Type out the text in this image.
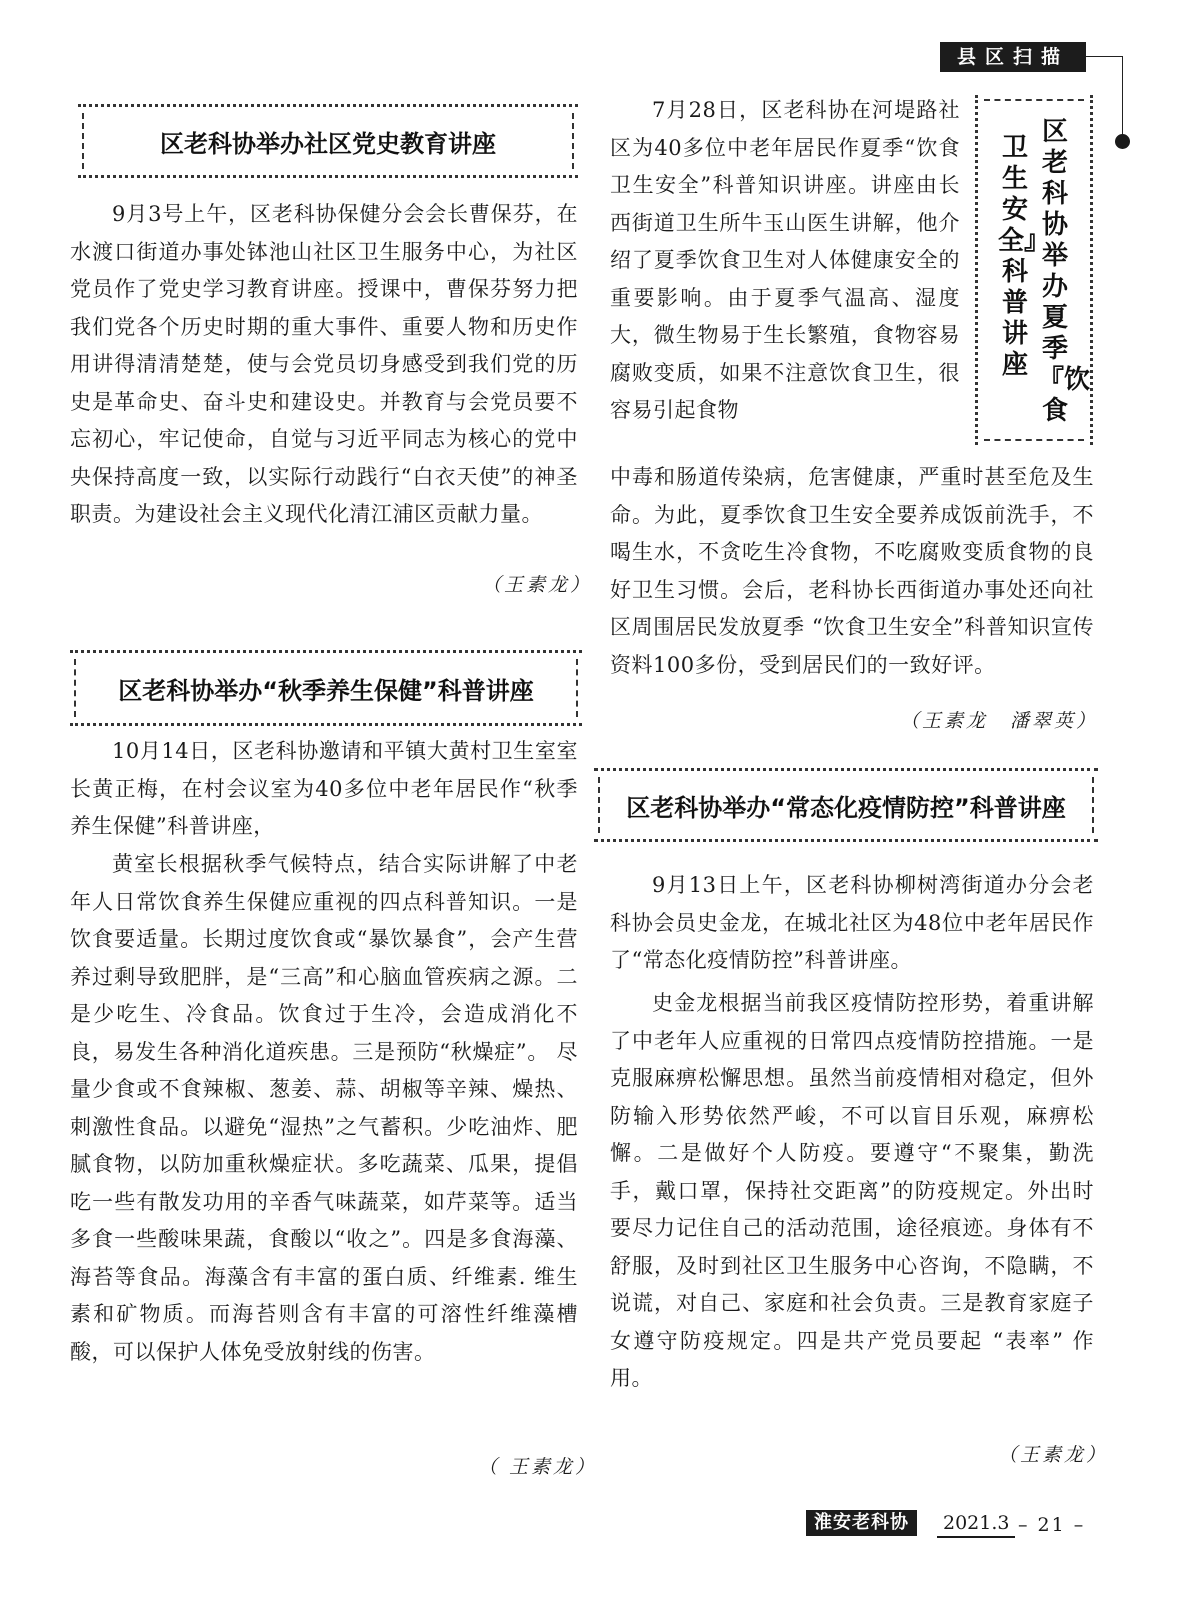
县区扫描
区老科协举办社区党史教育讲座

9月3号上午，区老科协保健分会会长曹保芬，在水渡口街道办事处钵池山社区卫生服务中心，为社区党员作了党史学习教育讲座。授课中，曹保芬努力把我们党各个历史时期的重大事件、重要人物和历史作用讲得清清楚楚，使与会党员切身感受到我们党的历史是革命史、奋斗史和建设史。并教育与会党员要不忘初心，牢记使命，自觉与习近平同志为核心的党中央保持高度一致，以实际行动践行“白衣天使”的神圣职责。为建设社会主义现代化清江浦区贡献力量。

（王素龙）
区老科协举办“秋季养生保健”科普讲座

10月14日，区老科协邀请和平镇大黄村卫生室室长黄正梅，在村会议室为40多位中老年居民作“秋季养生保健”科普讲座，

黄室长根据秋季气候特点，结合实际讲解了中老年人日常饮食养生保健应重视的四点科普知识。一是饮食要适量。长期过度饮食或“暴饮暴食”，会产生营养过剩导致肥胖，是“三高”和心脑血管疾病之源。二是少吃生、冷食品。饮食过于生冷，会造成消化不良，易发生各种消化道疾患。三是预防“秋燥症”。 尽量少食或不食辣椒、葱姜、蒜、胡椒等辛辣、燥热、刺激性食品。以避免“湿热”之气蓄积。少吃油炸、肥腻食物，以防加重秋燥症状。多吃蔬菜、瓜果，提倡吃一些有散发功用的辛香气味蔬菜，如芹菜等。适当多食一些酸味果蔬，食酸以“收之”。四是多食海藻、海苔等食品。海藻含有丰富的蛋白质、纤维素. 维生素和矿物质。而海苔则含有丰富的可溶性纤维藻槽酸，可以保护人体免受放射线的伤害。

（ 王素龙）
区老科协举办夏季『饮食
卫生安全』科普讲座

7月28日，区老科协在河堤路社区为40多位中老年居民作夏季“饮食卫生安全”科普知识讲座。讲座由长西街道卫生所牛玉山医生讲解，他介绍了夏季饮食卫生对人体健康安全的重要影响。由于夏季气温高、湿度大，微生物易于生长繁殖，食物容易腐败变质，如果不注意饮食卫生，很容易引起食物

中毒和肠道传染病，危害健康，严重时甚至危及生命。为此，夏季饮食卫生安全要养成饭前洗手，不喝生水，不贪吃生冷食物，不吃腐败变质食物的良好卫生习惯。会后，老科协长西街道办事处还向社区周围居民发放夏季 “饮食卫生安全”科普知识宣传资料100多份，受到居民们的一致好评。

（王素龙　潘翠英）
区老科协举办“常态化疫情防控”科普讲座

9月13日上午，区老科协柳树湾街道办分会老科协会员史金龙，在城北社区为48位中老年居民作了“常态化疫情防控”科普讲座。

史金龙根据当前我区疫情防控形势，着重讲解了中老年人应重视的日常四点疫情防控措施。一是克服麻痹松懈思想。虽然当前疫情相对稳定，但外防输入形势依然严峻，不可以盲目乐观，麻痹松懈。二是做好个人防疫。要遵守“不聚集，勤洗手，戴口罩，保持社交距离”的防疫规定。外出时要尽力记住自己的活动范围，途径痕迹。身体有不舒服，及时到社区卫生服务中心咨询，不隐瞒，不说谎，对自己、家庭和社会负责。三是教育家庭子女遵守防疫规定。四是共产党员要起 “表率” 作用。

（王素龙）
淮安老科协	2021.3 – 21 –
